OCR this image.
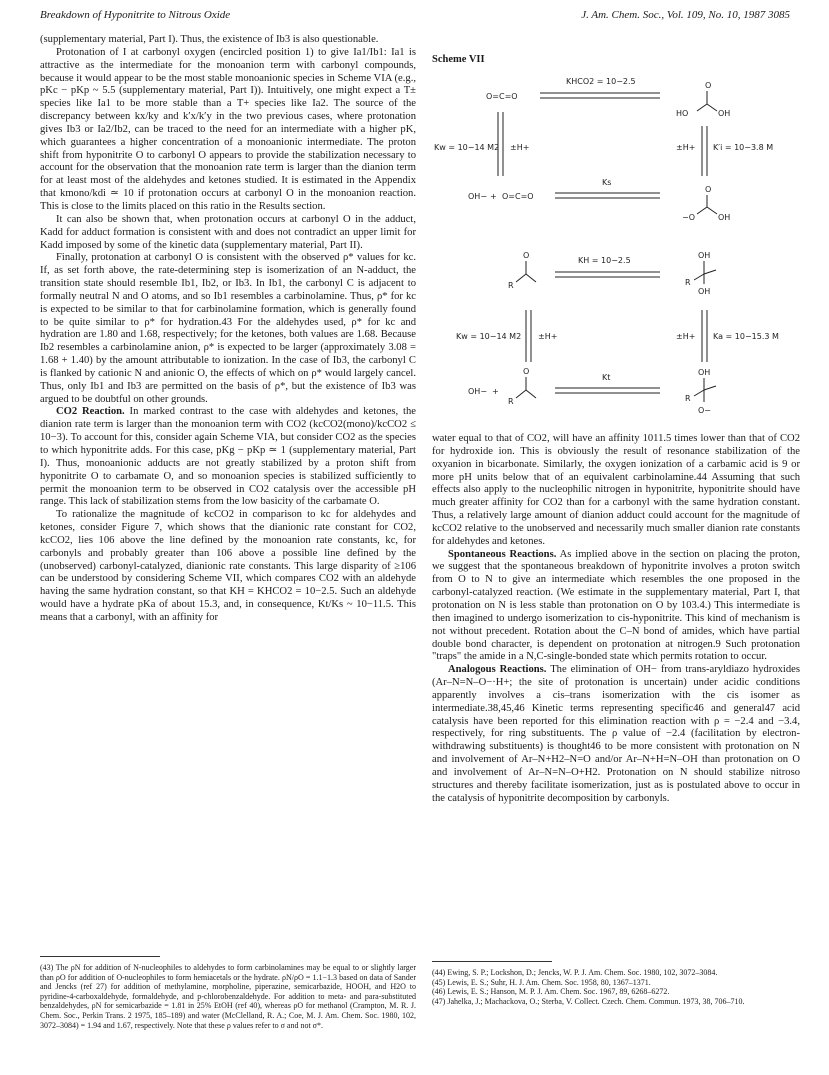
Breakdown of Hyponitrite to Nitrous Oxide	J. Am. Chem. Soc., Vol. 109, No. 10, 1987 3085

(supplementary material, Part I). Thus, the existence of Ib3 is also questionable.

Protonation of I at carbonyl oxygen (encircled position 1) to give Ia1/Ib1: Ia1 is attractive as the intermediate for the monoanion term with carbonyl compounds, because it would appear to be the most stable monoanionic species in Scheme VIA (e.g., pKc − pKp ~ 5.5 (supplementary material, Part I)). Intuitively, one might expect a T± species like Ia1 to be more stable than a T+ species like Ia2. The source of the discrepancy between kx/ky and k′x/k′y in the two previous cases, where protonation gives Ib3 or Ia2/Ib2, can be traced to the need for an intermediate with a higher pK, which guarantees a higher concentration of a monoanionic intermediate. The proton shift from hyponitrite O to carbonyl O appears to provide the stabilization necessary to account for the observation that the monoanion rate term is larger than the dianion term for at least most of the aldehydes and ketones studied. It is estimated in the Appendix that kmono/kdi ≃ 10 if protonation occurs at carbonyl O in the monoanion reaction. This is close to the limits placed on this ratio in the Results section.

It can also be shown that, when protonation occurs at carbonyl O in the adduct, Kadd for adduct formation is consistent with and does not contradict an upper limit for Kadd imposed by some of the kinetic data (supplementary material, Part II).

Finally, protonation at carbonyl O is consistent with the observed ρ* values for kc. If, as set forth above, the rate-determining step is isomerization of an N-adduct, the transition state should resemble Ib1, Ib2, or Ib3. In Ib1, the carbonyl C is adjacent to formally neutral N and O atoms, and so Ib1 resembles a carbinolamine. Thus, ρ* for kc is expected to be similar to that for carbinolamine formation, which is generally found to be quite similar to ρ* for hydration.43 For the aldehydes used, ρ* for kc and hydration are 1.80 and 1.68, respectively; for the ketones, both values are 1.68. Because Ib2 resembles a carbinolamine anion, ρ* is expected to be larger (approximately 3.08 = 1.68 + 1.40) by the amount attributable to ionization. In the case of Ib3, the carbonyl C is flanked by cationic N and anionic O, the effects of which on ρ* would largely cancel. Thus, only Ib1 and Ib3 are permitted on the basis of ρ*, but the existence of Ib3 was argued to be doubtful on other grounds.

CO2 Reaction. In marked contrast to the case with aldehydes and ketones, the dianion rate term is larger than the monoanion term with CO2 (kcCO2(mono)/kcCO2 ≤ 10−3). To account for this, consider again Scheme VIA, but consider CO2 as the species to which hyponitrite adds. For this case, pKg − pKp ≃ 1 (supplementary material, Part I). Thus, monoanionic adducts are not greatly stabilized by a proton shift from hyponitrite O to carbamate O, and so monoanion species is stabilized sufficiently to permit the monoanion term to be observed in CO2 catalysis over the accessible pH range. This lack of stabilization stems from the low basicity of the carbamate O.

To rationalize the magnitude of kcCO2 in comparison to kc for aldehydes and ketones, consider Figure 7, which shows that the dianionic rate constant for CO2, kcCO2, lies 106 above the line defined by the monoanion rate constants, kc, for carbonyls and probably greater than 106 above a possible line defined by the (unobserved) carbonyl-catalyzed, dianionic rate constants. This large disparity of ≥106 can be understood by considering Scheme VII, which compares CO2 with an aldehyde having the same hydration constant, so that KH = KHCO2 = 10−2.5. Such an aldehyde would have a hydrate pKa of about 15.3, and, in consequence, Kt/Ks ~ 10−11.5. This means that a carbonyl, with an affinity for

Scheme VII
O=C=O
KHCO2 = 10−2.5	O
HO	OH
Kw = 10−14 M2 ±H+	±H+ K′i = 10−3.8 M
OH− + O=C=O
Ks
O
−O	OH
O
R
KH = 10−2.5
OH
R
OH
Kw = 10−14 M2 ±H+	±H+ Ka = 10−15.3 M
OH− +
O
R
Kt
OH
R
O−

water equal to that of CO2, will have an affinity 1011.5 times lower than that of CO2 for hydroxide ion. This is obviously the result of resonance stabilization of the oxyanion in bicarbonate. Similarly, the oxygen ionization of a carbamic acid is 9 or more pH units below that of an equivalent carbinolamine.44 Assuming that such effects also apply to the nucleophilic nitrogen in hyponitrite, hyponitrite should have much greater affinity for CO2 than for a carbonyl with the same hydration constant. Thus, a relatively large amount of dianion adduct could account for the magnitude of kcCO2 relative to the unobserved and necessarily much smaller dianion rate constants for aldehydes and ketones.

Spontaneous Reactions. As implied above in the section on placing the proton, we suggest that the spontaneous breakdown of hyponitrite involves a proton switch from O to N to give an intermediate which resembles the one proposed in the carbonyl-catalyzed reaction. (We estimate in the supplementary material, Part I, that protonation on N is less stable than protonation on O by 103.4.) This intermediate is then imagined to undergo isomerization to cis-hyponitrite. This kind of mechanism is not without precedent. Rotation about the C–N bond of amides, which have partial double bond character, is dependent on protonation at nitrogen.9 Such protonation "traps" the amide in a N,C-single-bonded state which permits rotation to occur.

Analogous Reactions. The elimination of OH− from trans-aryldiazo hydroxides (Ar–N=N–O−·H+; the site of protonation is uncertain) under acidic conditions apparently involves a cis–trans isomerization with the cis isomer as intermediate.38,45,46 Kinetic terms representing specific46 and general47 acid catalysis have been reported for this elimination reaction with ρ = −2.4 and −3.4, respectively, for ring substituents. The ρ value of −2.4 (facilitation by electron-withdrawing substituents) is thought46 to be more consistent with protonation on N and involvement of Ar–N+H2–N=O and/or Ar–N+H=N–OH than protonation on O and involvement of Ar–N=N–O+H2. Protonation on N should stabilize nitroso structures and thereby facilitate isomerization, just as is postulated above to occur in the catalysis of hyponitrite decomposition by carbonyls.

(43) The ρN for addition of N-nucleophiles to aldehydes to form carbinolamines may be equal to or slightly larger than ρO for addition of O-nucleophiles to form hemiacetals or the hydrate. ρN/ρO = 1.1−1.3 based on data of Sander and Jencks (ref 27) for addition of methylamine, morpholine, piperazine, semicarbazide, HOOH, and H2O to pyridine-4-carboxaldehyde, formaldehyde, and p-chlorobenzaldehyde. For addition to meta- and para-substituted benzaldehydes, ρN for semicarbazide = 1.81 in 25% EtOH (ref 40), whereas ρO for methanol (Crampton, M. R. J. Chem. Soc., Perkin Trans. 2 1975, 185–189) and water (McClelland, R. A.; Coe, M. J. Am. Chem. Soc. 1980, 102, 3072–3084) = 1.94 and 1.67, respectively. Note that these ρ values refer to σ and not σ*.
(44) Ewing, S. P.; Lockshon, D.; Jencks, W. P. J. Am. Chem. Soc. 1980, 102, 3072–3084.
(45) Lewis, E. S.; Suhr, H. J. Am. Chem. Soc. 1958, 80, 1367–1371.
(46) Lewis, E. S.; Hanson, M. P. J. Am. Chem. Soc. 1967, 89, 6268–6272.
(47) Jahelka, J.; Machackova, O.; Sterba, V. Collect. Czech. Chem. Commun. 1973, 38, 706–710.
